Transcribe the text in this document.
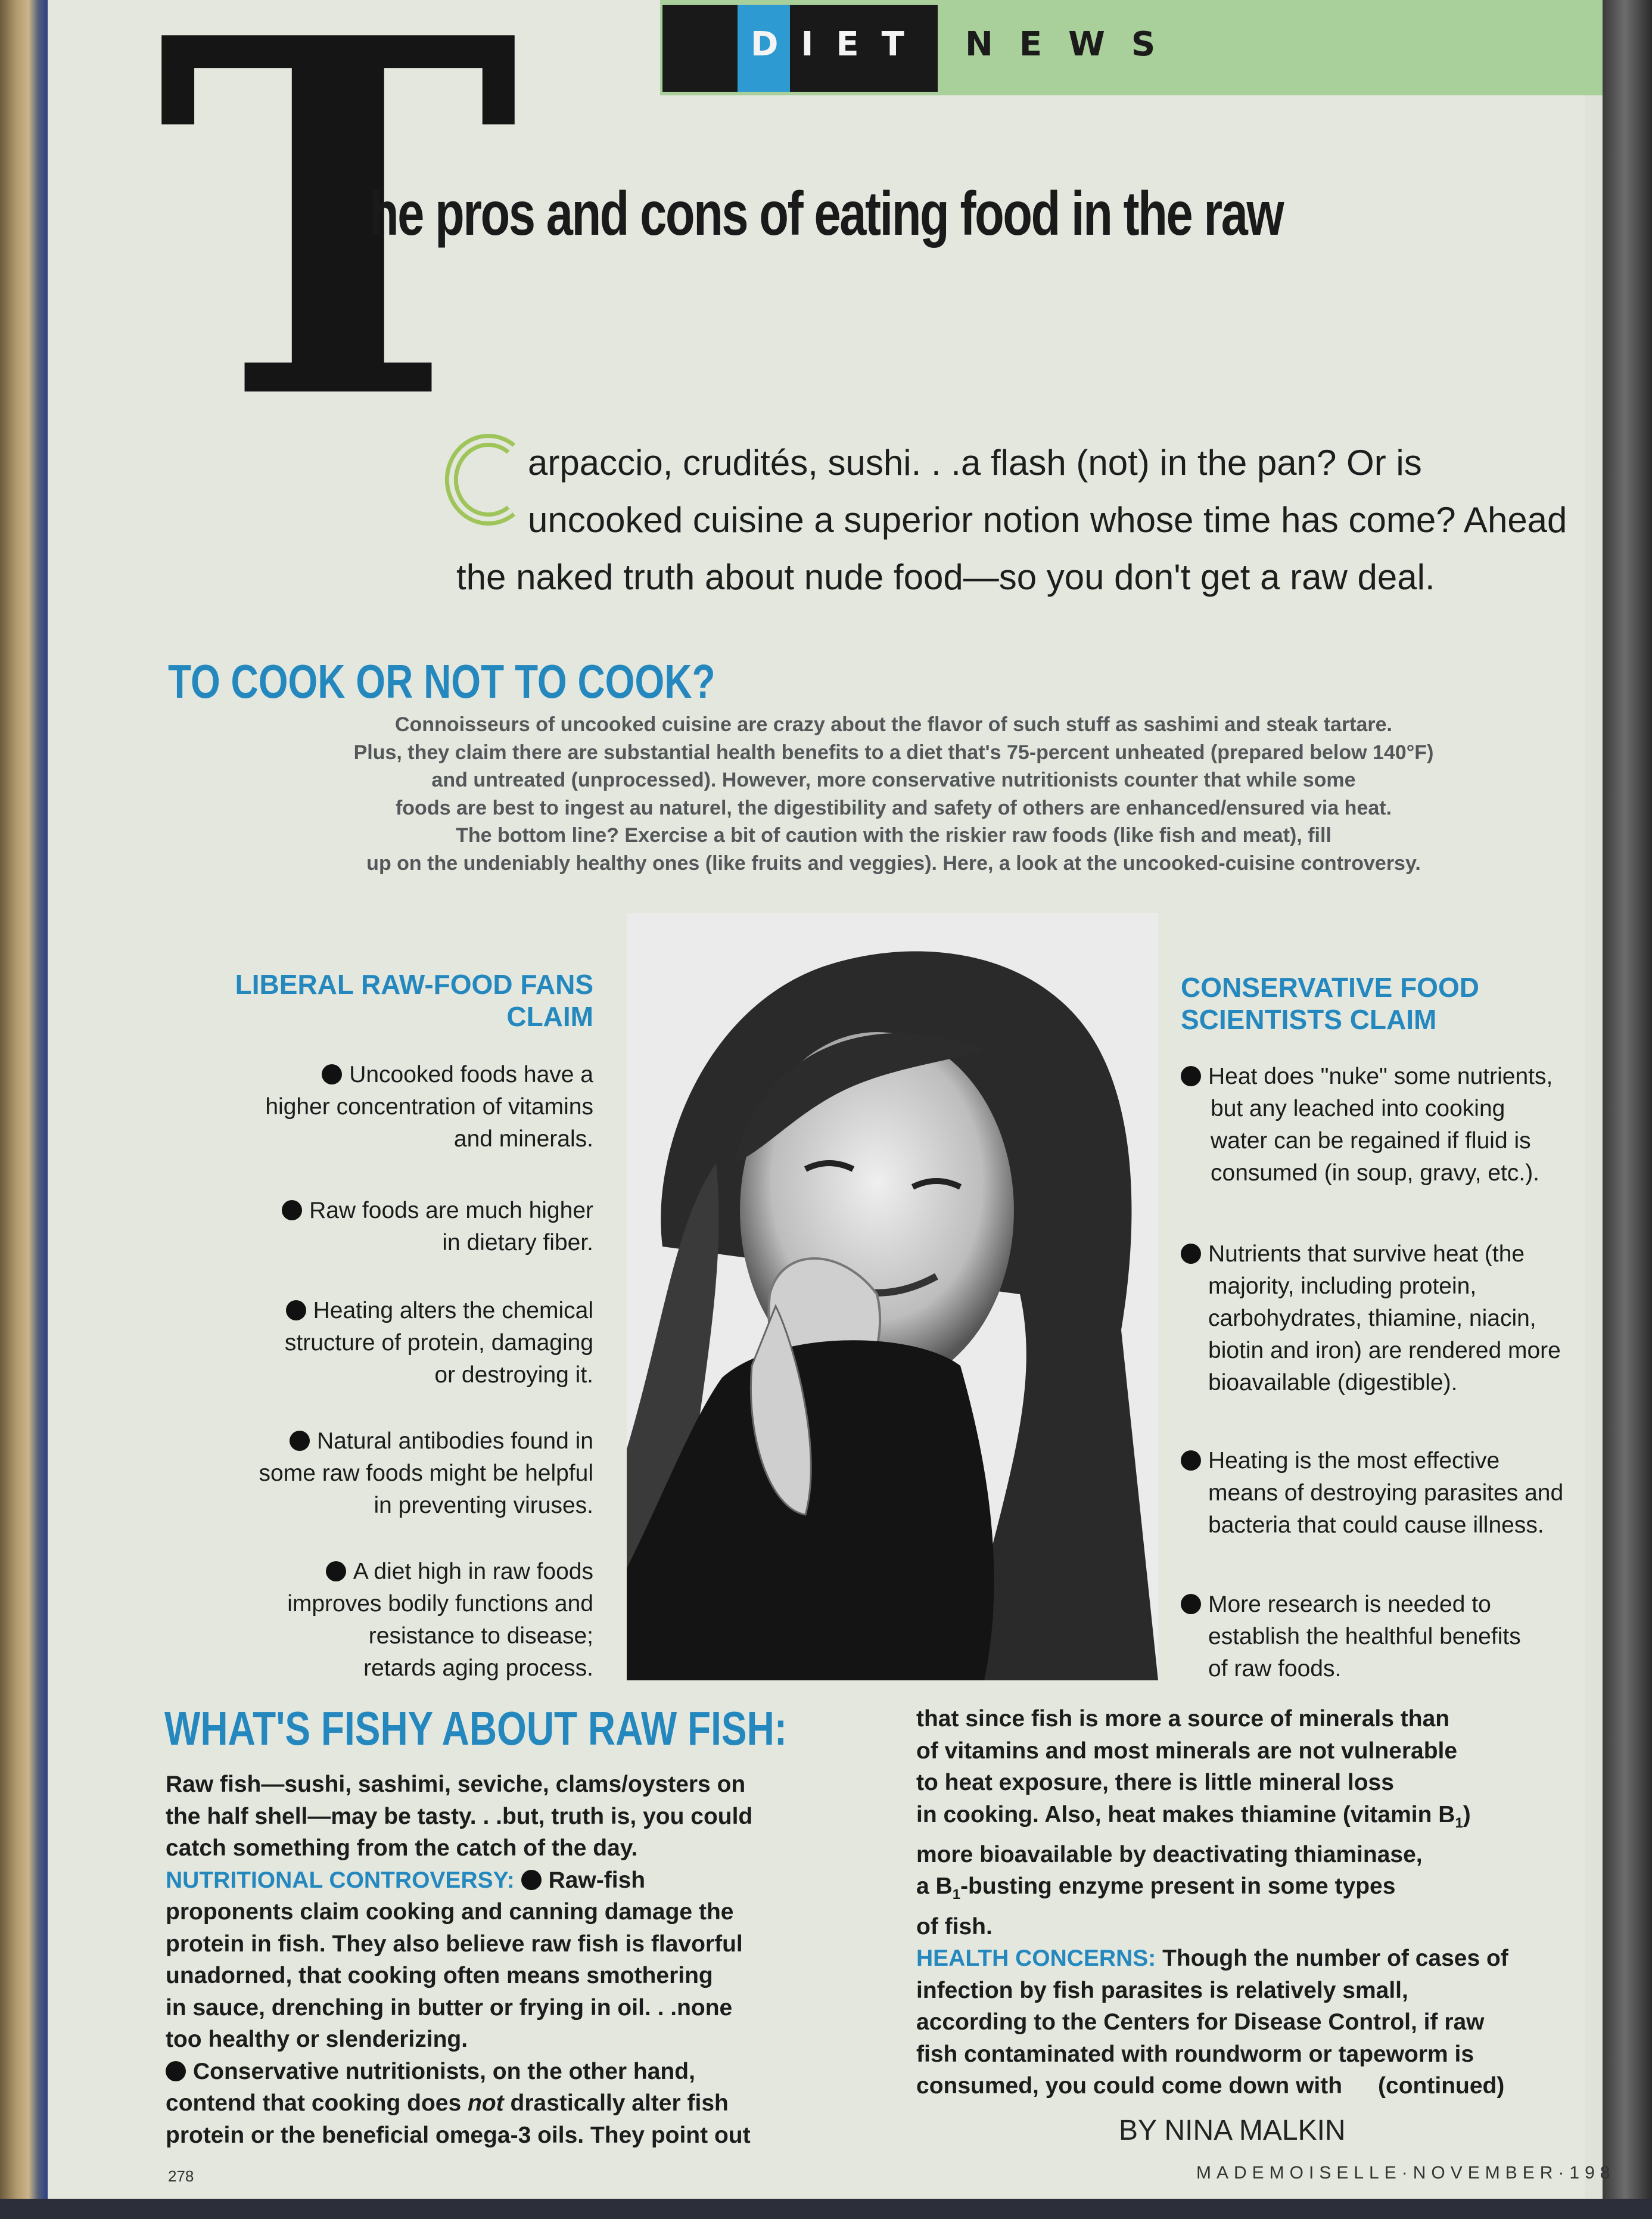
DIET NEWS
T
he pros and cons of eating food in the raw
arpaccio, crudités, sushi. . .a flash (not) in the pan? Or is
uncooked cuisine a superior notion whose time has come? Ahead
the naked truth about nude food—so you don't get a raw deal.
TO COOK OR NOT TO COOK?
Connoisseurs of uncooked cuisine are crazy about the flavor of such stuff as sashimi and steak tartare.
Plus, they claim there are substantial health benefits to a diet that's 75-percent unheated (prepared below 140°F)
and untreated (unprocessed). However, more conservative nutritionists counter that while some
foods are best to ingest au naturel, the digestibility and safety of others are enhanced/ensured via heat.
The bottom line? Exercise a bit of caution with the riskier raw foods (like fish and meat), fill
up on the undeniably healthy ones (like fruits and veggies). Here, a look at the uncooked-cuisine controversy.
LIBERAL RAW-FOOD FANS
CLAIM
Uncooked foods have a
higher concentration of vitamins
and minerals.
Raw foods are much higher
in dietary fiber.
Heating alters the chemical
structure of protein, damaging
or destroying it.
Natural antibodies found in
some raw foods might be helpful
in preventing viruses.
A diet high in raw foods
improves bodily functions and
resistance to disease;
retards aging process.
CONSERVATIVE FOOD
SCIENTISTS CLAIM
Heat does "nuke" some nutrients,
but any leached into cooking
water can be regained if fluid is
consumed (in soup, gravy, etc.).
Nutrients that survive heat (the
majority, including protein,
carbohydrates, thiamine, niacin,
biotin and iron) are rendered more
bioavailable (digestible).
Heating is the most effective
means of destroying parasites and
bacteria that could cause illness.
More research is needed to
establish the healthful benefits
of raw foods.
WHAT'S FISHY ABOUT RAW FISH:
Raw fish—sushi, sashimi, seviche, clams/oysters on
the half shell—may be tasty. . .but, truth is, you could
catch something from the catch of the day.
NUTRITIONAL CONTROVERSY: Raw-fish
proponents claim cooking and canning damage the
protein in fish. They also believe raw fish is flavorful
unadorned, that cooking often means smothering
in sauce, drenching in butter or frying in oil. . .none
too healthy or slenderizing.
Conservative nutritionists, on the other hand,
contend that cooking does not drastically alter fish
protein or the beneficial omega-3 oils. They point out
that since fish is more a source of minerals than
of vitamins and most minerals are not vulnerable
to heat exposure, there is little mineral loss
in cooking. Also, heat makes thiamine (vitamin $B_1$)
more bioavailable by deactivating thiaminase,
a $B_1$-busting enzyme present in some types
of fish.
HEALTH CONCERNS: Though the number of cases of
infection by fish parasites is relatively small,
according to the Centers for Disease Control, if raw
fish contaminated with roundworm or tapeworm is
consumed, you could come down with (continued)
BY NINA MALKIN
278	MADEMOISELLE·NOVEMBER·198
